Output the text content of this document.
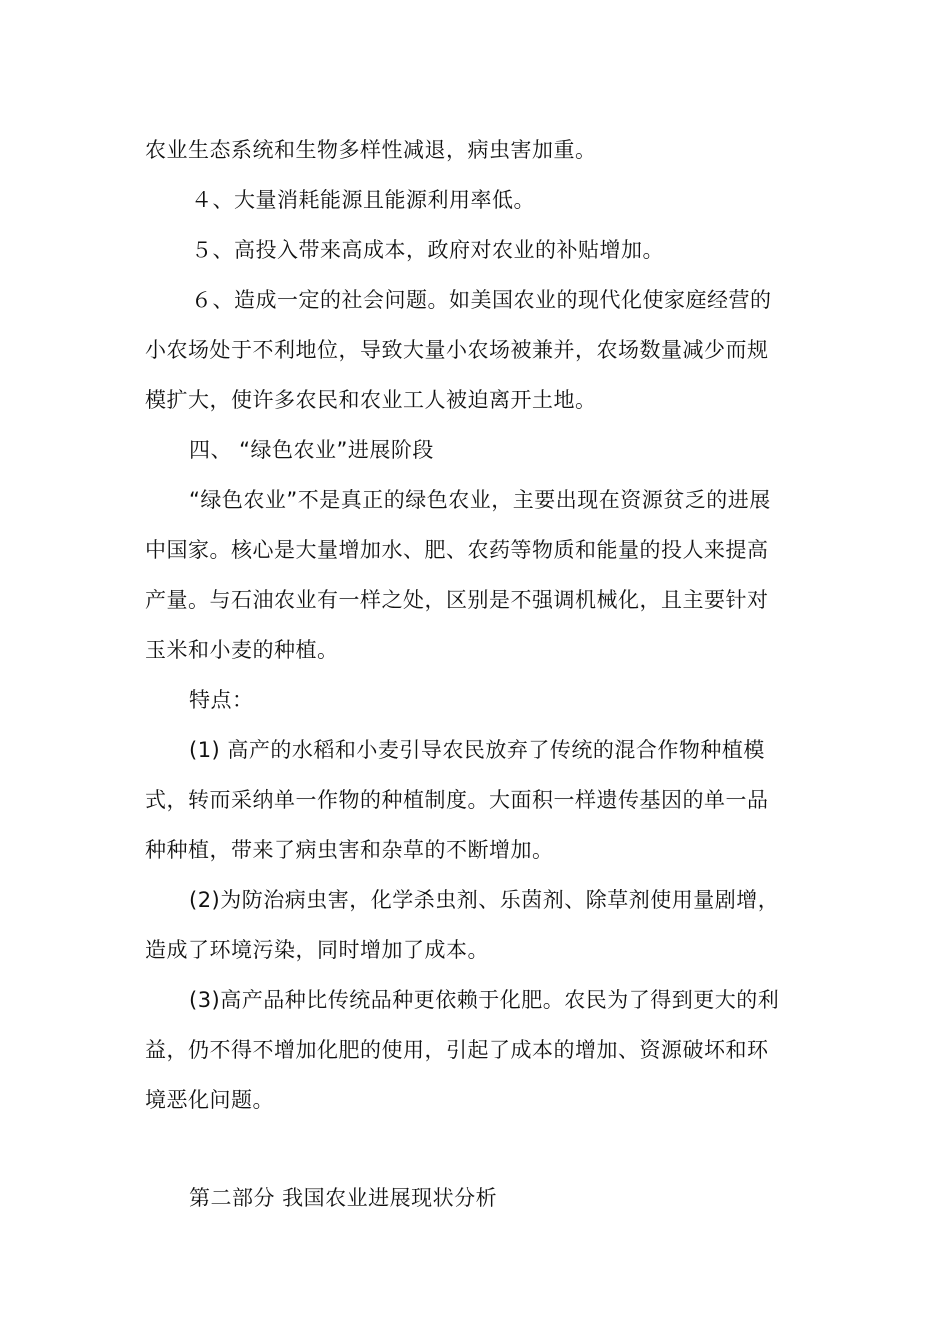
农业生态系统和生物多样性减退，病虫害加重。
４、大量消耗能源且能源利用率低。
５、高投入带来高成本，政府对农业的补贴增加。
６、造成一定的社会问题。如美国农业的现代化使家庭经营的
小农场处于不利地位，导致大量小农场被兼并，农场数量减少而规
模扩大，使许多农民和农业工人被迫离开土地。
四、 “绿色农业”进展阶段
“绿色农业”不是真正的绿色农业，主要出现在资源贫乏的进展
中国家。核心是大量增加水、肥、农药等物质和能量的投人来提高
产量。与石油农业有一样之处，区别是不强调机械化，且主要针对
玉米和小麦的种植。
特点：
(1) 高产的水稻和小麦引导农民放弃了传统的混合作物种植模
式，转而采纳单一作物的种植制度。大面积一样遗传基因的单一品
种种植，带来了病虫害和杂草的不断增加。
(2)为防治病虫害，化学杀虫剂、乐茵剂、除草剂使用量剧增，
造成了环境污染，同时增加了成本。
(3)高产品种比传统品种更依赖于化肥。农民为了得到更大的利
益，仍不得不增加化肥的使用，引起了成本的增加、资源破坏和环
境恶化问题。
第二部分 我国农业进展现状分析
